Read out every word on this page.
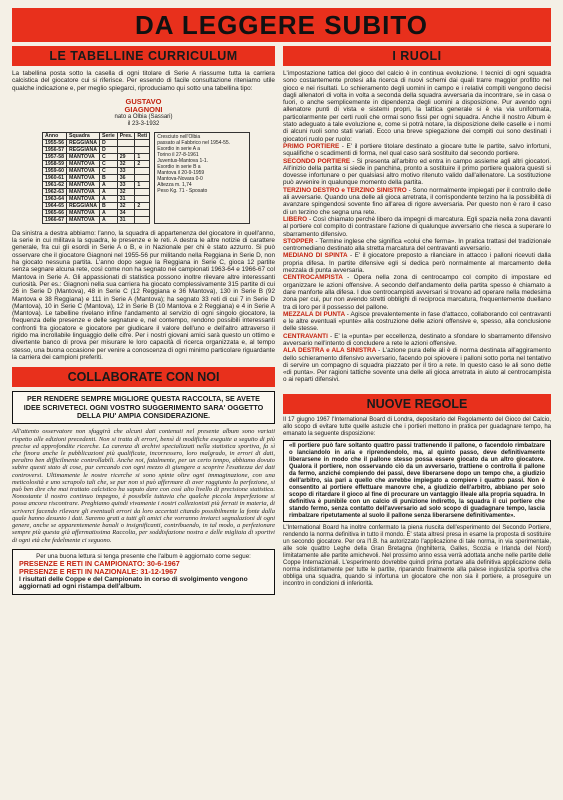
DA LEGGERE SUBITO
LE TABELLINE CURRICULUM

La tabellina posta sotto la casella di ogni titolare di Serie A riassume tutta la carriera calcistica del giocatore cui si riferisce. Per essendo di facile consultazione riteniamo utile qualche indicazione e, per meglio spiegarci, riproduciamo qui sotto una tabellina tipo:

GUSTAVO
GIAGNONI
nato a Olbia (Sassari)
il 23-3-1932
Anno	Squadra	Serie	Pres.	Reti
1955-56	REGGIANA	D		
1956-57	REGGIANA	D		
1957-58	MANTOVA	C	29	1
1958-59	MANTOVA	C	32	2
1959-60	MANTOVA	C	33	
1960-61	MANTOVA	B	36	
1961-62	MANTOVA	A	33	1
1962-63	MANTOVA	A	32	
1963-64	MANTOVA	A	31	
1964-65	REGGIANA	B	32	2
1965-66	MANTOVA	A	34	
1966-67	MANTOVA	A	31	
Cresciuto nell'Olbia
passato al Fabbrico nel 1954-55.
Esordio in serie A a
Torino il 27-8-1961
Juventus-Mantova 1-1.
Esordio in serie B a
Mantova il 20-9-1959
Mantova-Novara 0-0
Altezza m. 1,74
Peso Kg. 71 - Sposato

Da sinistra a destra abbiamo: l'anno, la squadra di appartenenza del giocatore in quell'anno, la serie in cui militava la squadra, le presenze e le reti. A destra le altre notizie di carattere generale, fra cui gli esordi in Serie A o B, e in Nazionale per chi è stato azzurro. Si può osservare che il giocatore Giagnoni nel 1955-56 pur militando nella Reggiana in Serie D, non ha giocato nessuna partita. L'anno dopo segue la Reggiana in Serie C, gioca 12 partite senza segnare alcuna rete, così come non ha segnato nei campionati 1963-64 e 1966-67 col Mantova in Serie A. Gli appassionati di statistica possono inoltre rilevare altre interessanti curiosità. Per es.: Giagnoni nella sua carriera ha giocato complessivamente 315 partite di cui 26 in Serie D (Mantova), 48 in Serie C (12 Reggiana e 36 Mantova), 130 in Serie B (92 Mantova e 38 Reggiana) e 111 in Serie A (Mantova); ha segnato 33 reti di cui 7 in Serie D (Mantova), 10 in Serie C (Mantova), 12 in Serie B (10 Mantova e 2 Reggiana) e 4 in Serie A (Mantova). Le tabelline rivelano infine l'andamento al servizio di ogni singolo giocatore, la frequenza delle presenze e delle segnature e, nel contempo, rendono possibili interessanti confronti fra giocatore e giocatore per giudicare il valore dell'uno e dell'altro attraverso il rigido ma incrollabile linguaggio delle cifre. Per i nostri giovani amici sarà questo un ottimo e divertente banco di prova per misurare le loro capacità di ricerca organizzata e, al tempo stesso, una buona occasione per venire a conoscenza di ogni minimo particolare riguardante la carriera dei campioni preferiti.

COLLABORATE CON NOI
PER RENDERE SEMPRE MIGLIORE QUESTA RACCOLTA, SE AVETE IDEE SCRIVETECI. OGNI VOSTRO SUGGERIMENTO SARA' OGGETTO DELLA PIU' AMPIA CONSIDERAZIONE.

All'attento osservatore non sfuggirà che alcuni dati contenuti nel presente album sono variati rispetto alle edizioni precedenti. Non si tratta di errori, bensì di modifiche eseguite a seguito di più precise ed approfondite ricerche. La carenza di archivi specializzati nella statistica sportiva, fa sì che finora anche le pubblicazioni più qualificate, incorressero, loro malgrado, in errori di dati, peraltro ben difficilmente controllabili. Anche noi, fatalmente, per un certo tempo, abbiamo dovuto subire questi stato di cose, pur cercando con ogni mezzo di giungere a scoprire l'esattezza dei dati controversi. Ultimamente le nostre ricerche si sono spinte oltre ogni immaginazione, con una meticolosità e uno scrupolo tali che, se pur non si può affermare di aver raggiunto la perfezione, si può ben dire che mai trattato calcistico ha saputo dare con così alto livello di precisione statistica. Nonostante il nostro continuo impegno, è possibile tuttavia che qualche piccola imperfezione si possa ancora riscontrare. Preghiamo quindi vivamente i nostri collezionisti più ferrati in materia, di scriverci facendo rilevare gli eventuali errori da loro accertati citando possibilmente la fonte dalla quale hanno desunto i dati. Saremo grati a tutti gli amici che vorranno inviarci segnalazioni di ogni genere, anche se apparentemente banali o insignificanti, contribuendo, in tal modo, a perfezionare sempre più questa già affermatissima Raccolta, per soddisfazione nostra e delle migliaia di sportivi di ogni età che fedelmente ci seguono.

Per una buona lettura si tenga presente che l'album è aggiornato come segue:
PRESENZE E RETI IN CAMPIONATO: 30-6-1967
PRESENZE E RETI IN NAZIONALE: 31-12-1967
I risultati delle Coppe e del Campionato in corso di svolgimento vengono aggiornati ad ogni ristampa dell'album.
I RUOLI

L'impostazione tattica del gioco del calcio è in continua evoluzione. I tecnici di ogni squadra sono costantemente protesi alla ricerca di nuovi schemi dai quali trarre maggior profitto nel gioco e nei risultati. Lo schieramento degli uomini in campo e i relativi compiti vengono decisi dagli allenatori di volta in volta a seconda della squadra avversaria da incontrare, se in casa o fuori, o anche semplicemente in dipendenza degli uomini a disposizione. Pur avendo ogni allenatore punti di vista e sistemi propri, la tattica generale si è via via uniformata, particolarmente per certi ruoli che ormai sono fissi per ogni squadra. Anche il nostro Album è stato adeguato a tale evoluzione e, come si potrà notare, la disposizione delle caselle e i nomi di alcuni ruoli sono stati variati. Ecco una breve spiegazione dei compiti cui sono destinati i giocatori ruolo per ruolo:

PRIMO PORTIERE - E' il portiere titolare destinato a giocare tutte le partite, salvo infortuni, squalifiche o scadimenti di forma, nel qual caso sarà sostituito dal secondo portiere.

SECONDO PORTIERE - Si presenta all'arbitro ed entra in campo assieme agli altri giocatori. All'inizio della partita si siede in panchina, pronto a sostituire il primo portiere qualora questi si dovesse infortunare o per qualsiasi altro motivo ritenuto valido dall'allenatore. La sostituzione può avvenire in qualunque momento della partita.

TERZINO DESTRO e TERZINO SINISTRO - Sono normalmente impiegati per il controllo delle ali avversarie. Quando una delle ali gioca arretrata, il corrispondente terzino ha la possibilità di avanzare spingendosi sovente fino all'area di rigore avversaria. Per questo non è raro il caso di un terzino che segna una rete.

LIBERO - Così chiamato perchè libero da impegni di marcatura. Egli spazia nella zona davanti al portiere col compito di contrastare l'azione di qualunque avversario che riesca a superare lo sbarramento difensivo.

STOPPER - Termine inglese che significa «colui che ferma». In pratica trattasi del tradizionale centromediano destinato alla stretta marcatura del centravanti avversario.

MEDIANO DI SPINTA - E' il giocatore preposto a rilanciare in attacco i palloni ricevuti dalla propria difesa. In partite difensive egli si dedica però normalmente al marcamento della mezzala di punta avversaria.

CENTROCAMPISTA - Opera nella zona di centrocampo col compito di impostare ed organizzare le azioni offensive. A secondo dell'andamento della partita spesso è chiamato a dare manforte alla difesa. I due centrocampisti avversari si trovano ad operare nella medesima zona per cui, pur non avendo stretti obblighi di reciproca marcatura, frequentemente duellano tra di loro per il possesso del pallone.

MEZZALA DI PUNTA - Agisce prevalentemente in fase d'attacco, collaborando col centravanti e le altre eventuali «punte» alla costruzione delle azioni offensive e, spesso, alla conclusione delle stesse.

CENTRAVANTI - E' la «punta» per eccellenza, destinato a sfondare lo sbarramento difensivo avversario nell'intento di concludere a rete le azioni offensive.

ALA DESTRA e ALA SINISTRA - L'azione pura delle ali è di norma destinata all'aggiramento dello schieramento difensivo avversario, facendo poi spiovere i palloni sotto porta nel tentativo di servire un compagno di squadra piazzato per il tiro a rete. In questo caso le ali sono dette «di punta». Per ragioni tattiche sovente una delle ali gioca arretrata in aiuto al centrocampista o ai reparti difensivi.

NUOVE REGOLE

Il 17 giugno 1967 l'International Board di Londra, depositario del Regolamento del Gioco del Calcio, allo scopo di evitare tutte quelle astuzie che i portieri mettono in pratica per guadagnare tempo, ha emanato la seguente disposizione:

«Il portiere può fare soltanto quattro passi trattenendo il pallone, o facendolo rimbalzare o lanciandolo in aria e riprendendolo, ma, al quinto passo, deve definitivamente liberarsene in modo che il pallone stesso possa essere giocato da un altro giocatore. Qualora il portiere, non osservando ciò da un avversario, trattiene o controlla il pallone da fermo, anziché compiendo dei passi, deve liberarsene dopo un tempo che, a giudizio dell'arbitro, sia pari a quello che avrebbe impiegato a compiere i quattro passi. Non è consentito al portiere effettuare manovre che, a giudizio dell'arbitro, abbiano per solo scopo di ritardare il gioco al fine di procurare un vantaggio illeale alla propria squadra. In definitiva è punibile con un calcio di punizione indiretto, la squadra il cui portiere che stando fermo, senza contatto dell'avversario ad solo scopo di guadagnare tempo, lascia rimbalzare ripetutamente al suolo il pallone senza liberarsene definitivamente».

L'International Board ha inoltre confermato la piena riuscita dell'esperimento del Secondo Portiere, rendendo la norma definitiva in tutto il mondo. E' stata altresì presa in esame la proposta di sostituire un secondo giocatore. Per ora l'I.B. ha autorizzato l'applicazione di tale norma, in via sperimentale, alle sole quattro Leghe della Gran Bretagna (Inghilterra, Galles, Scozia e Irlanda del Nord) limitatamente alle partite amichevoli. Nel prossimo anno essa verrà adottata anche nelle partite delle Coppe Internazionali. L'esperimento dovrebbe quindi prima portare alla definitiva applicazione della norma indistintamente per tutte le partite, riparando finalmente alla palese ingiustizia sportiva che obbliga una squadra, quando si infortuna un giocatore che non sia il portiere, a proseguire un incontro in condizioni di inferiorità.
